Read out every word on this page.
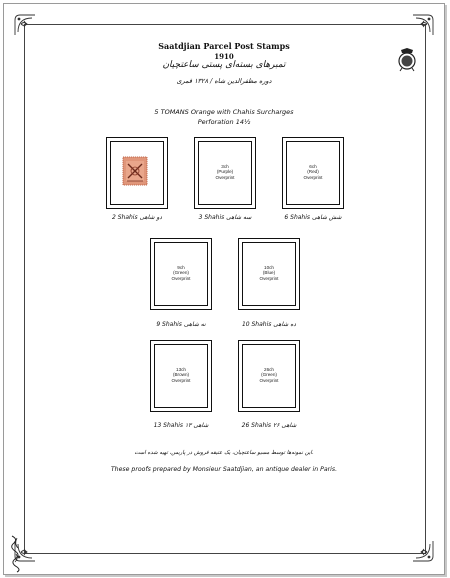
Saatdjian Parcel Post Stamps
1910
تمبرهای بسته‌ای پستی ساعتچیان
دوره مظفرالدین شاه / ۱۳۲۸ قمری
5 TOMANS Orange with Chahis Surcharges
Perforation 14½
2 Shahis دو شاهی
3ch
(Purple)
Overprint
3 Shahis سه شاهی
6ch
(Red)
Overprint
6 Shahis شش شاهی
9ch
(Green)
Overprint
9 Shahis نه شاهی
10ch
(Blue)
Overprint
10 Shahis ده شاهی
13ch
(Brown)
Overprint
13 Shahis ۱۳ شاهی
26ch
(Green)
Overprint
26 Shahis ۲۶ شاهی
این نمونه‌ها توسط مسیو ساعتچیان، یک عتیقه فروش در پاریس، تهیه شده است.
These proofs prepared by Monsieur Saatdjian, an antique dealer in Paris.
